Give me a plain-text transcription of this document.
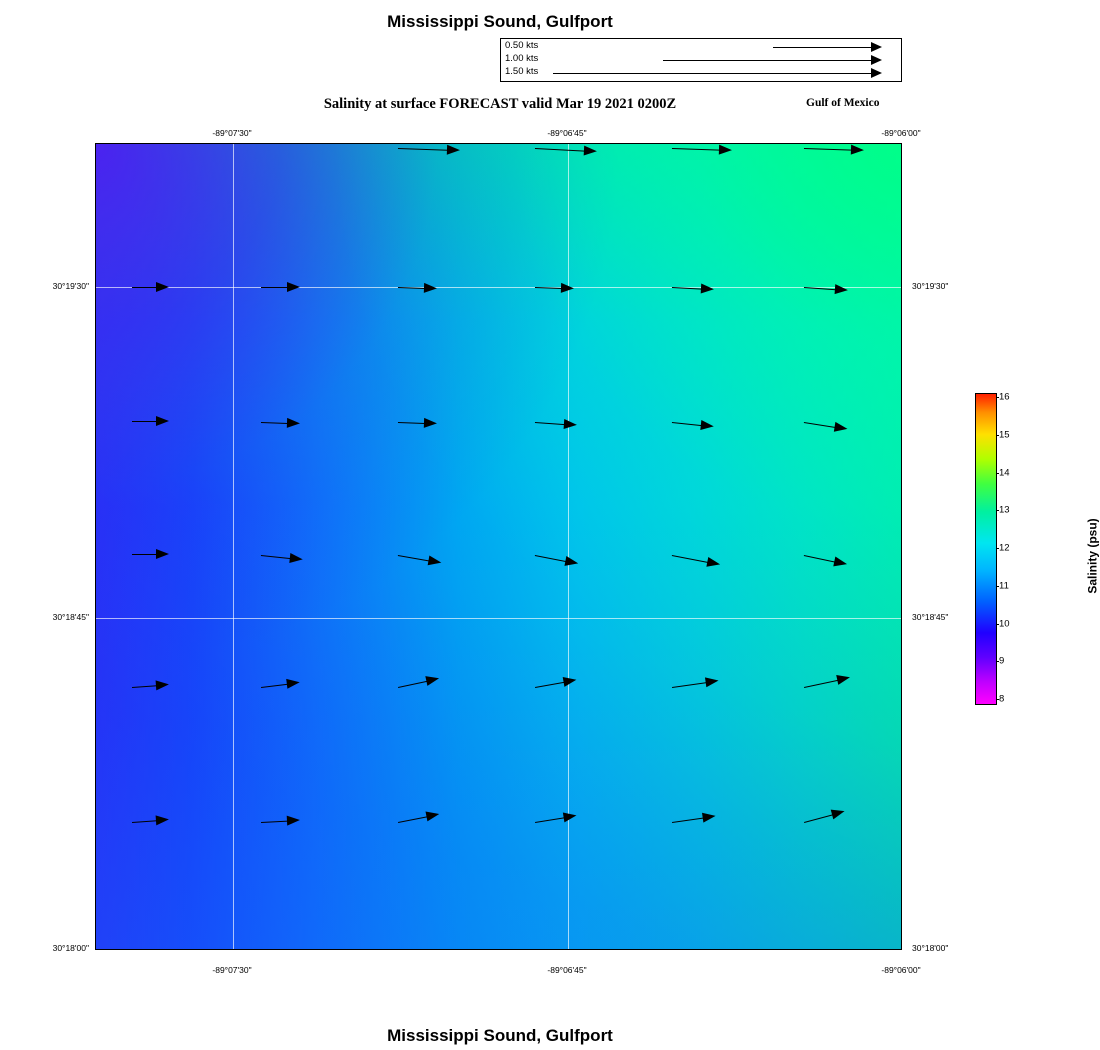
Mississippi Sound, Gulfport
0.50 kts
1.00 kts
1.50 kts
Salinity at surface FORECAST valid Mar 19 2021 0200Z	Gulf of Mexico
-89°07'30"
-89°07'30"
-89°06'45"
-89°06'45"
-89°06'00"
-89°06'00"
30°19'30"	30°19'30"
30°18'45"	30°18'45"
30°18'00"	30°18'00"
16
15
14
13
12
11
10
9
8
Salinity (psu)
Mississippi Sound, Gulfport
